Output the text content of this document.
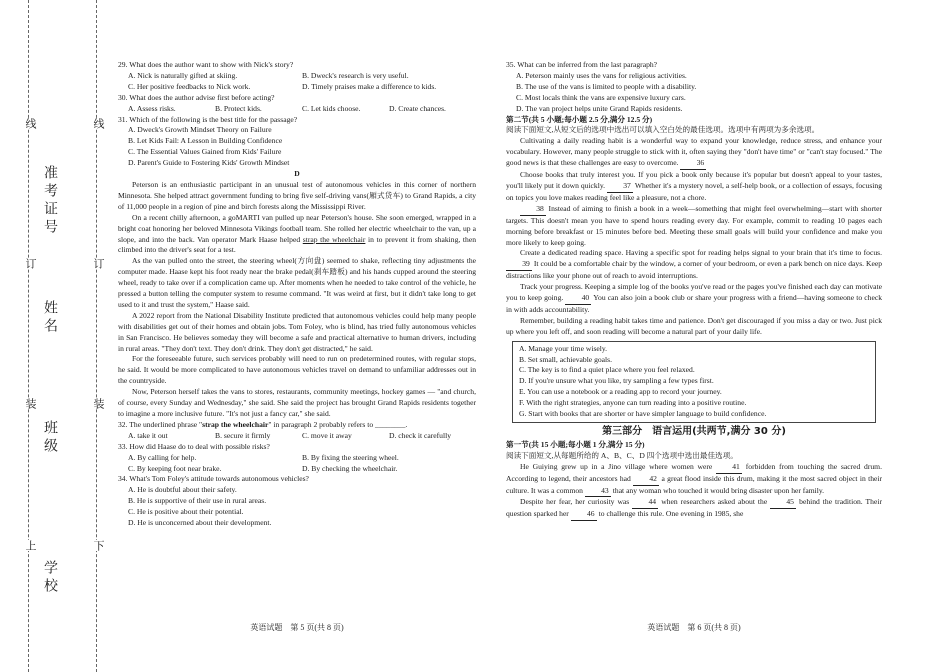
准考证号
姓名
班级
学校
线
订
装
上
线
订
装
下

29. What does the author want to show with Nick's story?

A. Nick is naturally gifted at skiing.	B. Dweck's research is very useful.
C. Her positive feedbacks to Nick work.	D. Timely praises make a difference to kids.

30. What does the author advise first before acting?

A. Assess risks.	B. Protect kids.	C. Let kids choose.	D. Create chances.

31. Which of the following is the best title for the passage?

A. Dweck's Growth Mindset Theory on Failure
B. Let Kids Fail: A Lesson in Building Confidence
C. The Essential Values Gained from Kids' Failure
D. Parent's Guide to Fostering Kids' Growth Mindset

D

Peterson is an enthusiastic participant in an unusual test of autonomous vehicles in this corner of northern Minnesota. She helped attract government funding to bring five self-driving vans(厢式货车) to Grand Rapids, a city of 11,000 people in a region of pine and birch forests along the Mississippi River.

On a recent chilly afternoon, a goMARTI van pulled up near Peterson's house. She soon emerged, wrapped in a bright coat honoring her beloved Minnesota Vikings football team. She rolled her electric wheelchair to the van, up a slope, and into the back. Van operator Mark Haase helped strap the wheelchair in to prevent it from shaking, then climbed into the driver's seat for a test.

As the van pulled onto the street, the steering wheel(方向盘) seemed to shake, reflecting tiny adjustments the computer made. Haase kept his foot ready near the brake pedal(刹车踏板) and his hands cupped around the steering wheel, ready to take over if a complication came up. After moments when he needed to take control of the vehicle, he pressed a button telling the computer system to resume command. "It was weird at first, but it didn't take long to get used to it and trust the system," Haase said.

A 2022 report from the National Disability Institute predicted that autonomous vehicles could help many people with disabilities get out of their homes and obtain jobs. Tom Foley, who is blind, has tried fully autonomous vehicles in San Francisco. He believes someday they will become a safe and practical alternative to human drivers, including in rural areas. "They don't text. They don't drink. They don't get distracted," he said.

For the foreseeable future, such services probably will need to run on predetermined routes, with regular stops, he said. It would be more complicated to have autonomous vehicles travel on demand to unfamiliar addresses out in the countryside.

Now, Peterson herself takes the vans to stores, restaurants, community meetings, hockey games — "and church, of course, every Sunday and Wednesday," she said. She said the project has brought Grand Rapids residents together to imagine a more inclusive future. "It's not just a fancy car," she said.

32. The underlined phrase "strap the wheelchair" in paragraph 2 probably refers to ________.

A. take it out	B. secure it firmly	C. move it away	D. check it carefully

33. How did Haase do to deal with possible risks?

A. By calling for help.	B. By fixing the steering wheel.
C. By keeping foot near brake.	D. By checking the wheelchair.

34. What's Tom Foley's attitude towards autonomous vehicles?

A. He is doubtful about their safety.
B. He is supportive of their use in rural areas.
C. He is positive about their potential.
D. He is unconcerned about their development.

35. What can be inferred from the last paragraph?

A. Peterson mainly uses the vans for religious activities.
B. The use of the vans is limited to people with a disability.
C. Most locals think the vans are expensive luxury cars.
D. The van project helps unite Grand Rapids residents.

第二节(共 5 小题;每小题 2.5 分,满分 12.5 分)

阅读下面短文,从短文后的选项中选出可以填入空白处的最佳选项。选项中有两项为多余选项。

Cultivating a daily reading habit is a wonderful way to expand your knowledge, reduce stress, and enhance your vocabulary. However, many people struggle to stick with it, often saying they "don't have time" or "can't stay focused." The good news is that these challenges are easy to overcome. 36

Choose books that truly interest you. If you pick a book only because it's popular but doesn't appeal to your tastes, you'll likely put it down quickly. 37 Whether it's a mystery novel, a self-help book, or a collection of essays, focusing on topics you love makes reading feel like a pleasure, not a chore.

38 Instead of aiming to finish a book in a week—something that might feel overwhelming—start with shorter targets. This doesn't mean you have to spend hours reading every day. For example, commit to reading 10 pages each morning before breakfast or 15 minutes before bed. Meeting these small goals will build your confidence and make you more likely to keep going.

Create a dedicated reading space. Having a specific spot for reading helps signal to your brain that it's time to focus. 39 It could be a comfortable chair by the window, a corner of your bedroom, or even a park bench on nice days. Keep distractions like your phone out of reach to avoid interruptions.

Track your progress. Keeping a simple log of the books you've read or the pages you've finished each day can motivate you to keep going. 40 You can also join a book club or share your progress with a friend—having someone to check in with adds accountability.

Remember, building a reading habit takes time and patience. Don't get discouraged if you miss a day or two. Just pick up where you left off, and soon reading will become a natural part of your daily life.

A. Manage your time wisely.

B. Set small, achievable goals.

C. The key is to find a quiet place where you feel relaxed.

D. If you're unsure what you like, try sampling a few types first.

E. You can use a notebook or a reading app to record your journey.

F. With the right strategies, anyone can turn reading into a positive routine.

G. Start with books that are shorter or have simpler language to build confidence.

第三部分　语言运用(共两节,满分 30 分)

第一节(共 15 小题;每小题 1 分,满分 15 分)

阅读下面短文,从每题所给的 A、B、C、D 四个选项中选出最佳选项。

He Guiying grew up in a Jino village where women were	41 forbidden from touching the sacred drum. According to legend, their ancestors had 42 a great flood inside this drum, making it the most sacred object in their culture. It was a common 43 that any woman who touched it would bring disaster upon her family.

Despite her fear, her curiosity was	44 when researchers asked about the	45 behind the tradition. Their question sparked her 46 to challenge this rule. One evening in 1985, she

英语试题　第 5 页(共 8 页)	英语试题　第 6 页(共 8 页)
